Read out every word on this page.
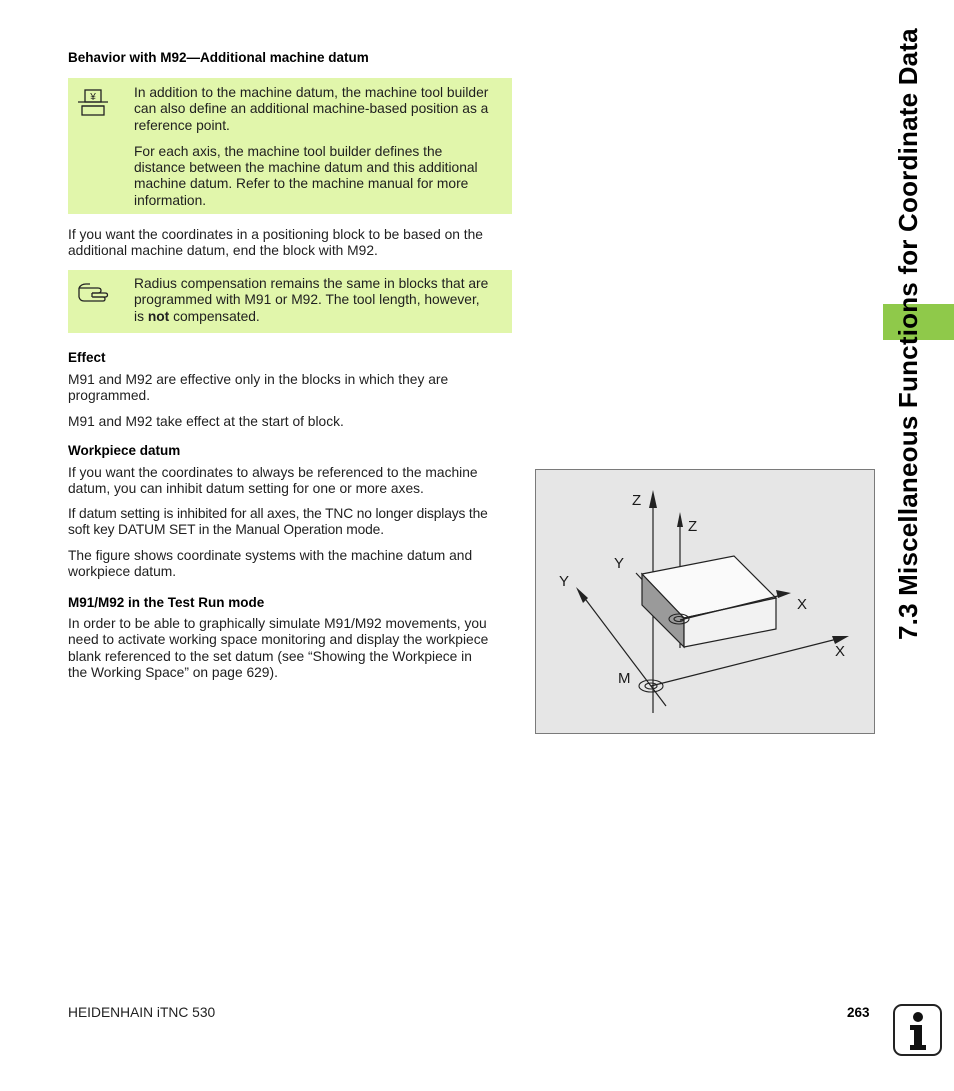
Behavior with M92—Additional machine datum
¥	In addition to the machine datum, the machine tool builder
can also define an additional machine-based position as a
reference point.
For each axis, the machine tool builder defines the
distance between the machine datum and this additional
machine datum. Refer to the machine manual for more
information.
If you want the coordinates in a positioning block to be based on the
additional machine datum, end the block with M92.
Radius compensation remains the same in blocks that are
programmed with M91 or M92. The tool length, however,
is not compensated.
Effect
M91 and M92 are effective only in the blocks in which they are
programmed.
M91 and M92 take effect at the start of block.
Workpiece datum
If you want the coordinates to always be referenced to the machine
datum, you can inhibit datum setting for one or more axes.
If datum setting is inhibited for all axes, the TNC no longer displays the
soft key DATUM SET in the Manual Operation mode.
The figure shows coordinate systems with the machine datum and
workpiece datum.
M91/M92 in the Test Run mode
In order to be able to graphically simulate M91/M92 movements, you
need to activate working space monitoring and display the workpiece
blank referenced to the set datum (see “Showing the Workpiece in
the Working Space” on page 629).
Z
Z
Y
Y
X
X
M
7.3 Miscellaneous Functions for Coordinate Data
HEIDENHAIN iTNC 530	263
